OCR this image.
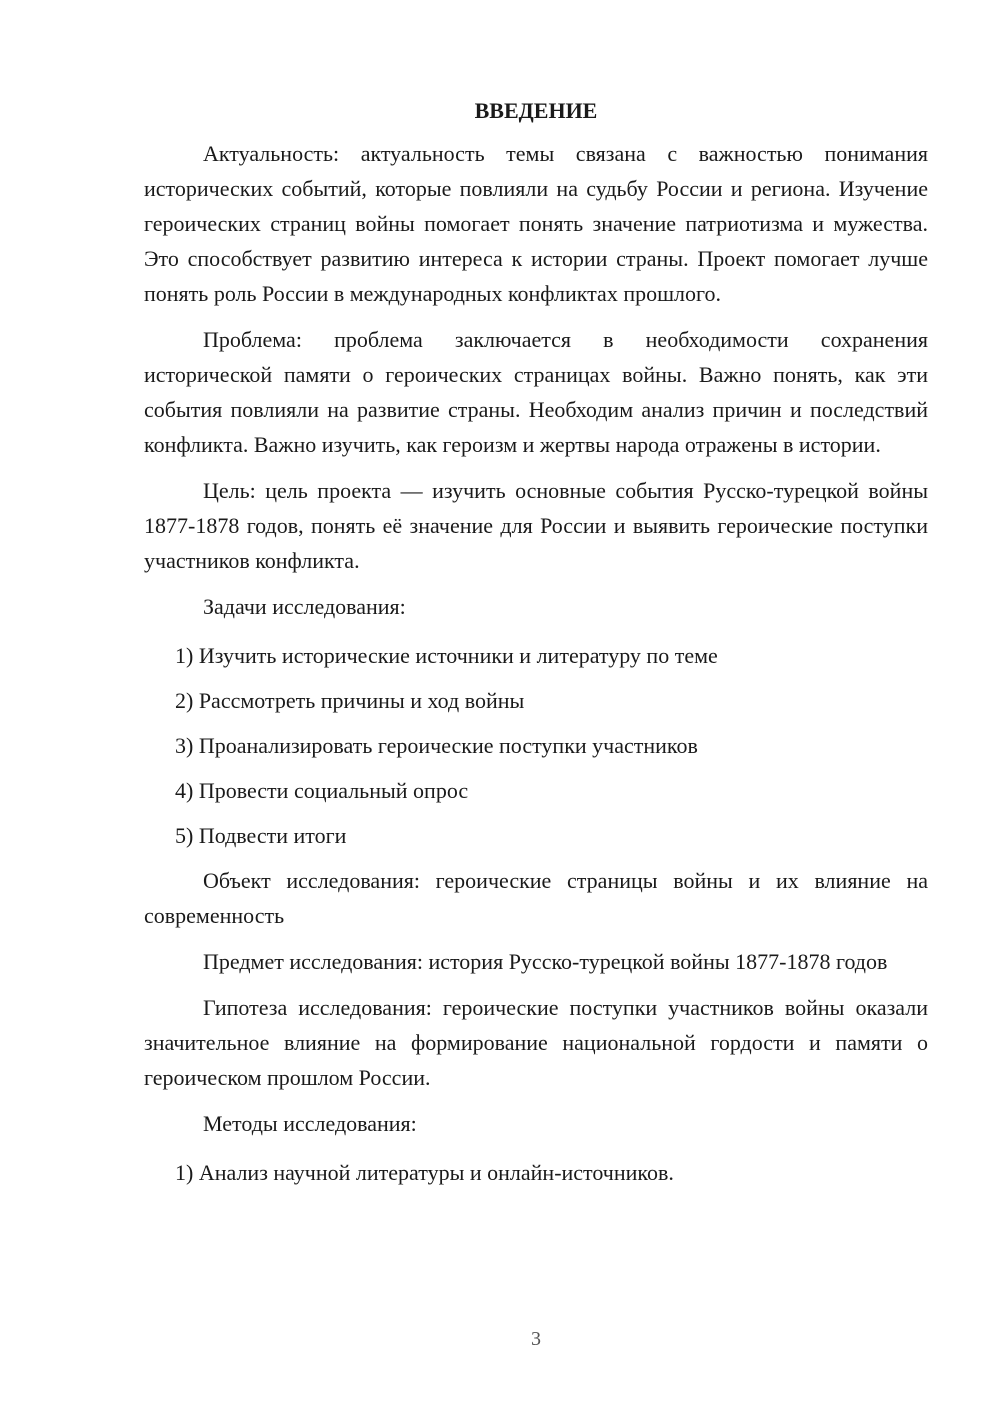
ВВЕДЕНИЕ

Актуальность: актуальность темы связана с важностью понимания исторических событий, которые повлияли на судьбу России и региона. Изучение героических страниц войны помогает понять значение патриотизма и мужества. Это способствует развитию интереса к истории страны. Проект помогает лучше понять роль России в международных конфликтах прошлого.

Проблема: проблема заключается в необходимости сохранения исторической памяти о героических страницах войны. Важно понять, как эти события повлияли на развитие страны. Необходим анализ причин и последствий конфликта. Важно изучить, как героизм и жертвы народа отражены в истории.

Цель: цель проекта — изучить основные события Русско-турецкой войны 1877-1878 годов, понять её значение для России и выявить героические поступки участников конфликта.

Задачи исследования:
1) Изучить исторические источники и литературу по теме
2) Рассмотреть причины и ход войны
3) Проанализировать героические поступки участников
4) Провести социальный опрос
5) Подвести итоги

Объект исследования: героические страницы войны и их влияние на современность

Предмет исследования: история Русско-турецкой войны 1877-1878 годов

Гипотеза исследования: героические поступки участников войны оказали значительное влияние на формирование национальной гордости и памяти о героическом прошлом России.

Методы исследования:
1) Анализ научной литературы и онлайн-источников.
3
